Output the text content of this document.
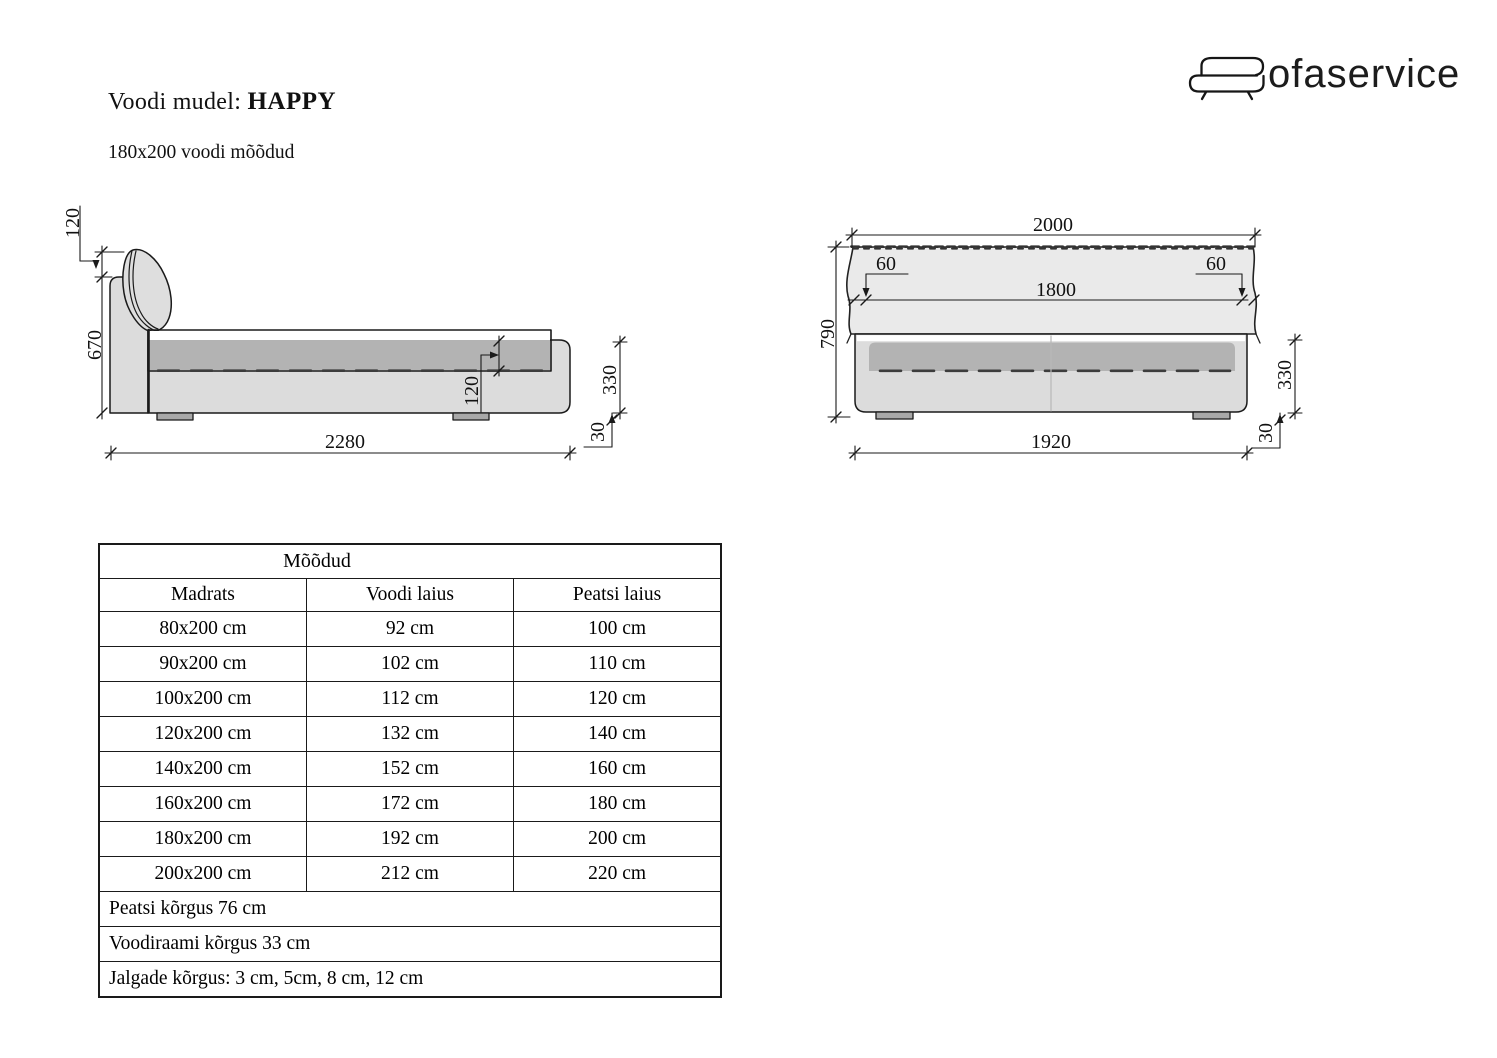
Voodi mudel: HAPPY
180x200 voodi mõõdud
ofaservice
120
670
2280
120	330
30
2000
60	60
1800
790
1920
330
30
Mõõdud		

Madrats	Voodi laius	Peatsi laius
80x200 cm	92 cm	100 cm
90x200 cm	102 cm	110 cm
100x200 cm	112 cm	120 cm
120x200 cm	132 cm	140 cm
140x200 cm	152 cm	160 cm
160x200 cm	172 cm	180 cm
180x200 cm	192 cm	200 cm
200x200 cm	212 cm	220 cm
Peatsi kõrgus 76 cm		
Voodiraami kõrgus 33 cm		
Jalgade kõrgus: 3 cm, 5cm, 8 cm, 12 cm		
